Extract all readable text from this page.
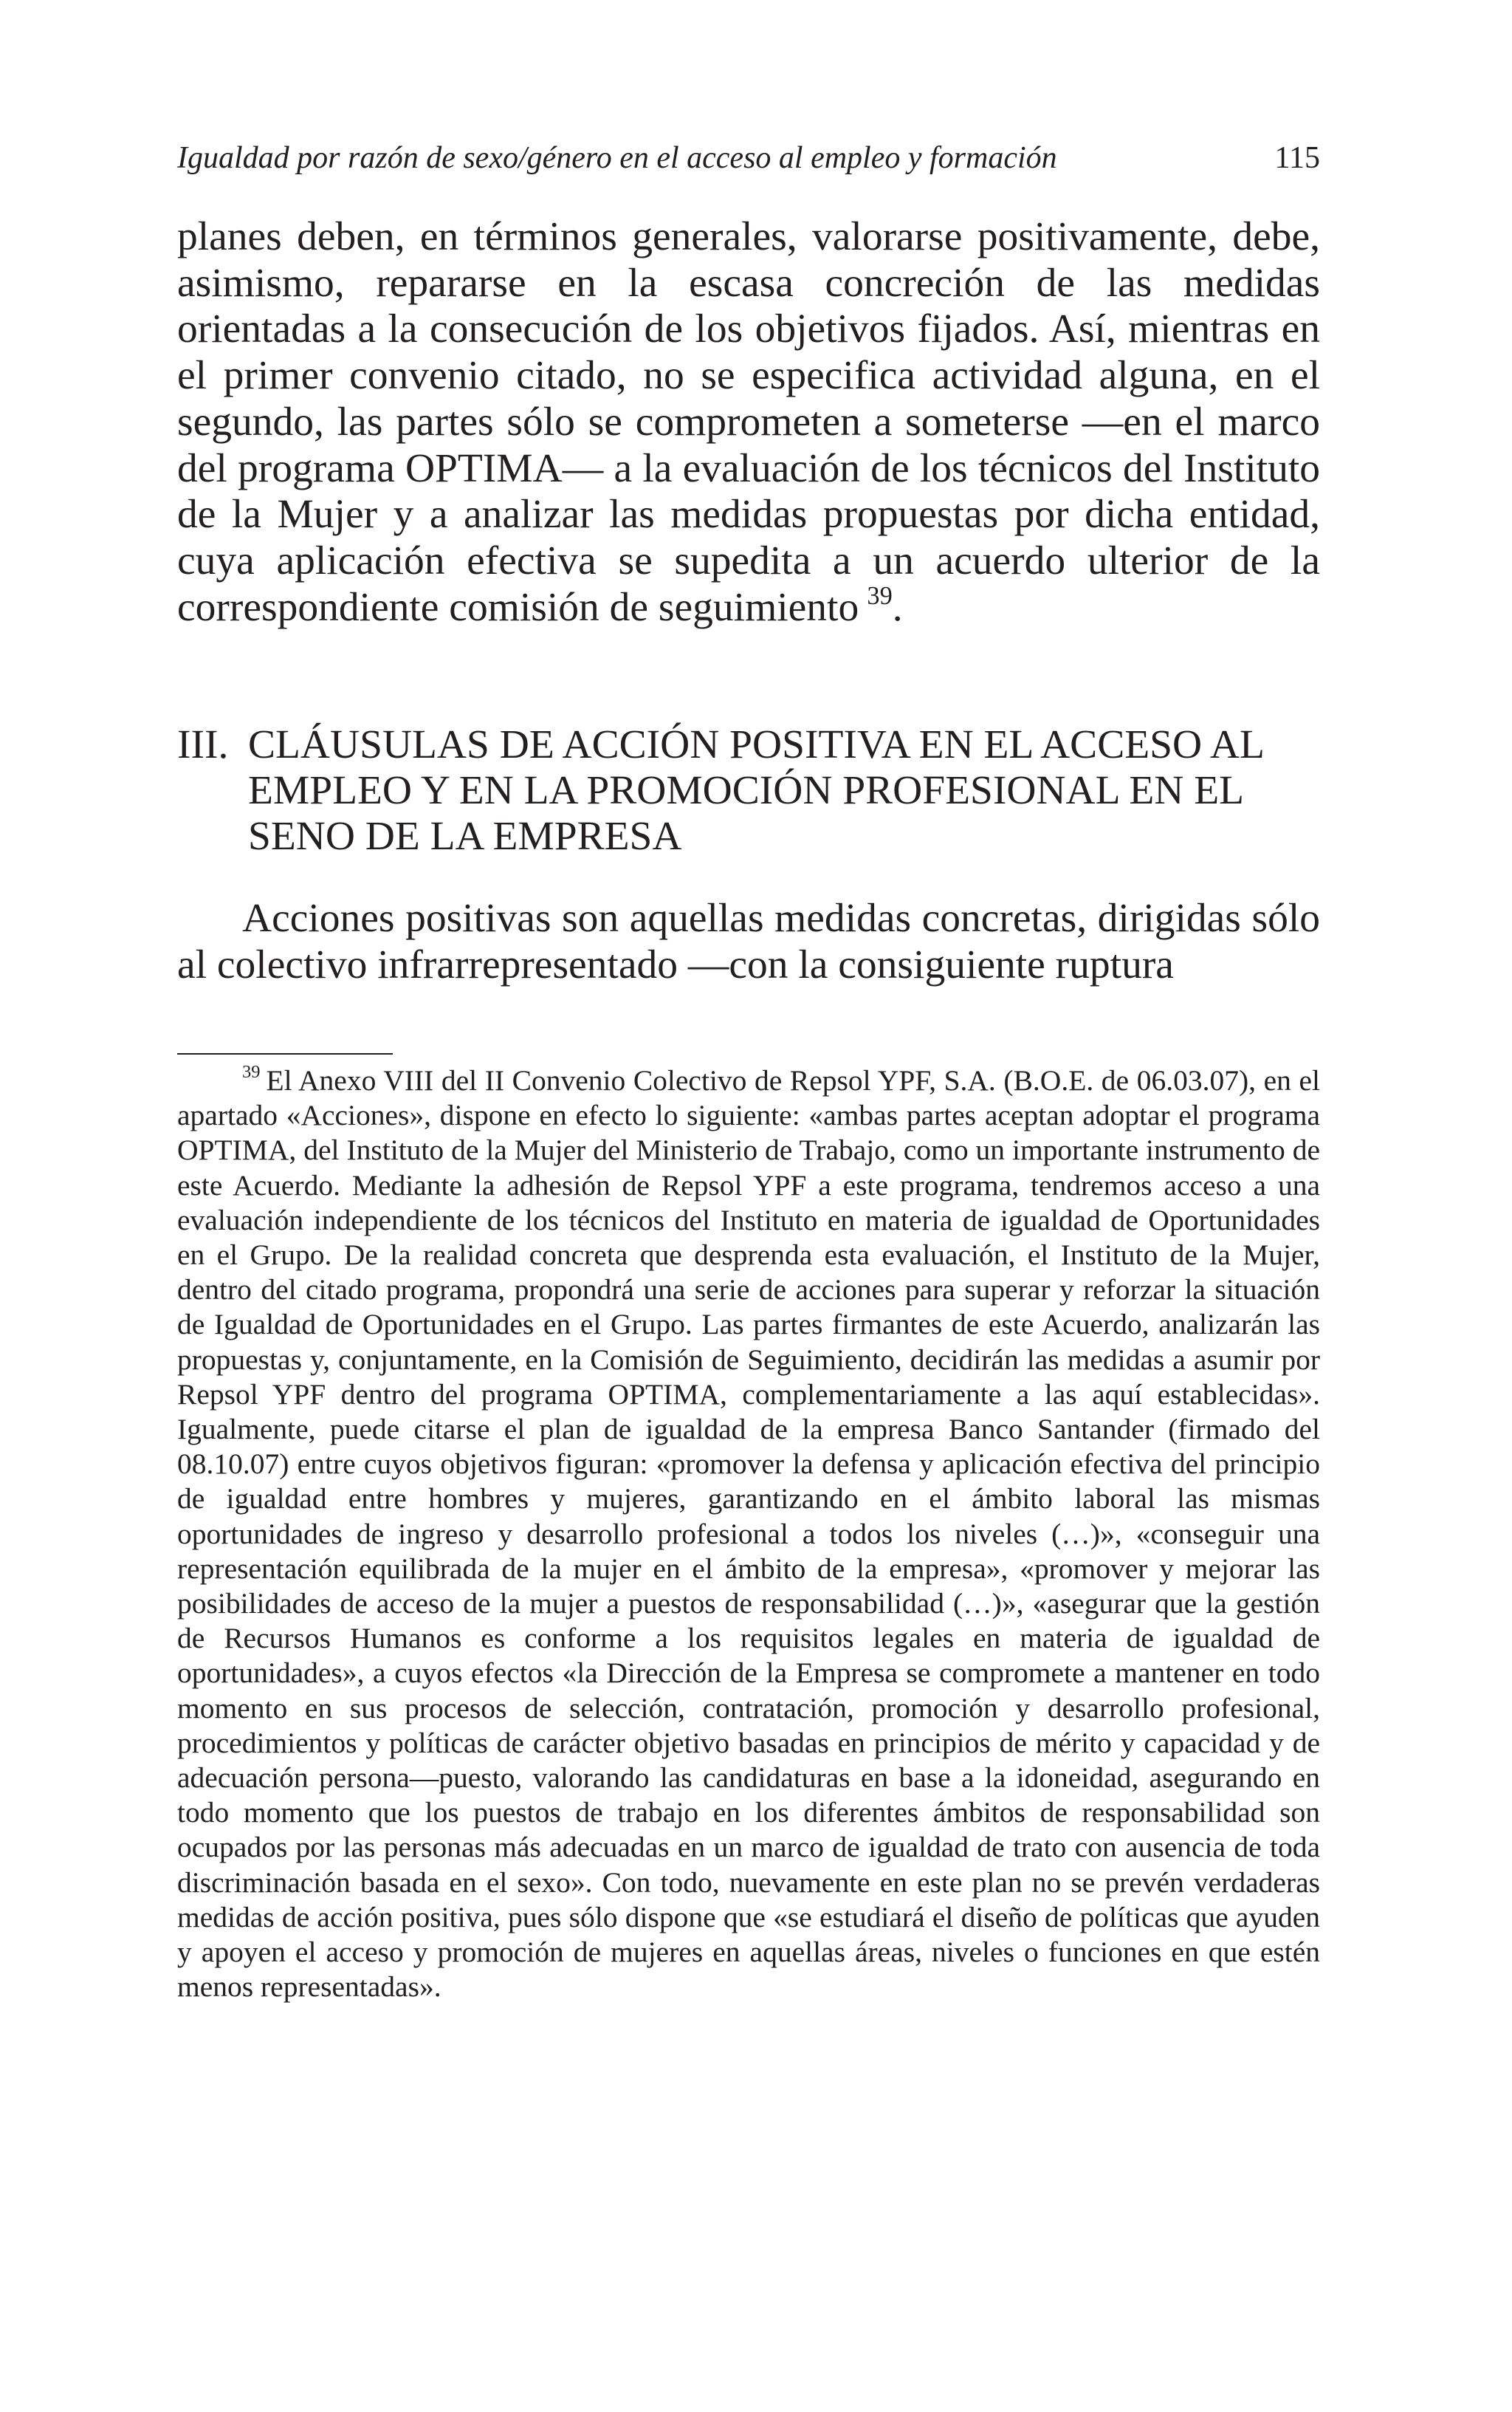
Igualdad por razón de sexo/género en el acceso al empleo y formación	115
planes deben, en términos generales, valorarse positivamente, debe, asimismo, repararse en la escasa concreción de las medidas orientadas a la consecución de los objetivos fijados. Así, mientras en el primer convenio citado, no se especifica actividad alguna, en el segundo, las partes sólo se comprometen a someterse —en el marco del programa OPTIMA— a la evaluación de los técnicos del Instituto de la Mujer y a analizar las medidas propuestas por dicha entidad, cuya aplicación efectiva se supedita a un acuerdo ulterior de la correspondiente comisión de seguimiento  $^{39}$.
III. CLÁUSULAS DE ACCIÓN POSITIVA EN EL ACCESO AL EMPLEO Y EN LA PROMOCIÓN PROFESIONAL EN EL SENO DE LA EMPRESA
Acciones positivas son aquellas medidas concretas, dirigidas sólo al colectivo infrarrepresentado —con la consiguiente ruptura
$^{39}$ El Anexo VIII del II Convenio Colectivo de Repsol YPF, S.A. (B.O.E. de 06.03.07), en el apartado «Acciones», dispone en efecto lo siguiente: «ambas partes aceptan adoptar el programa OPTIMA, del Instituto de la Mujer del Ministerio de Trabajo, como un importante instrumento de este Acuerdo. Mediante la adhesión de Repsol YPF a este programa, tendremos acceso a una evaluación independiente de los técnicos del Instituto en materia de igualdad de Oportunidades en el Grupo. De la realidad concreta que desprenda esta evaluación, el Instituto de la Mujer, dentro del citado programa, propondrá una serie de acciones para superar y reforzar la situación de Igualdad de Oportunidades en el Grupo. Las partes firmantes de este Acuerdo, analizarán las propuestas y, conjuntamente, en la Comisión de Seguimiento, decidirán las medidas a asumir por Repsol YPF dentro del programa OPTIMA, complementariamente a las aquí establecidas». Igualmente, puede citarse el plan de igualdad de la empresa Banco Santander (firmado del 08.10.07) entre cuyos objetivos figuran: «promover la defensa y aplicación efectiva del principio de igualdad entre hombres y mujeres, garantizando en el ámbito laboral las mismas oportunidades de ingreso y desarrollo profesional a todos los niveles (…)», «conseguir una representación equilibrada de la mujer en el ámbito de la empresa», «promover y mejorar las posibilidades de acceso de la mujer a puestos de responsabilidad (…)», «asegurar que la gestión de Recursos Humanos es conforme a los requisitos legales en materia de igualdad de oportunidades», a cuyos efectos «la Dirección de la Empresa se compromete a mantener en todo momento en sus procesos de selección, contratación, promoción y desarrollo profesional, procedimientos y políticas de carácter objetivo basadas en principios de mérito y capacidad y de adecuación persona—puesto, valorando las candidaturas en base a la idoneidad, asegurando en todo momento que los puestos de trabajo en los diferentes ámbitos de responsabilidad son ocupados por las personas más adecuadas en un marco de igualdad de trato con ausencia de toda discriminación basada en el sexo». Con todo, nuevamente en este plan no se prevén verdaderas medidas de acción positiva, pues sólo dispone que «se estudiará el diseño de políticas que ayuden y apoyen el acceso y promoción de mujeres en aquellas áreas, niveles o funciones en que estén menos representadas».
